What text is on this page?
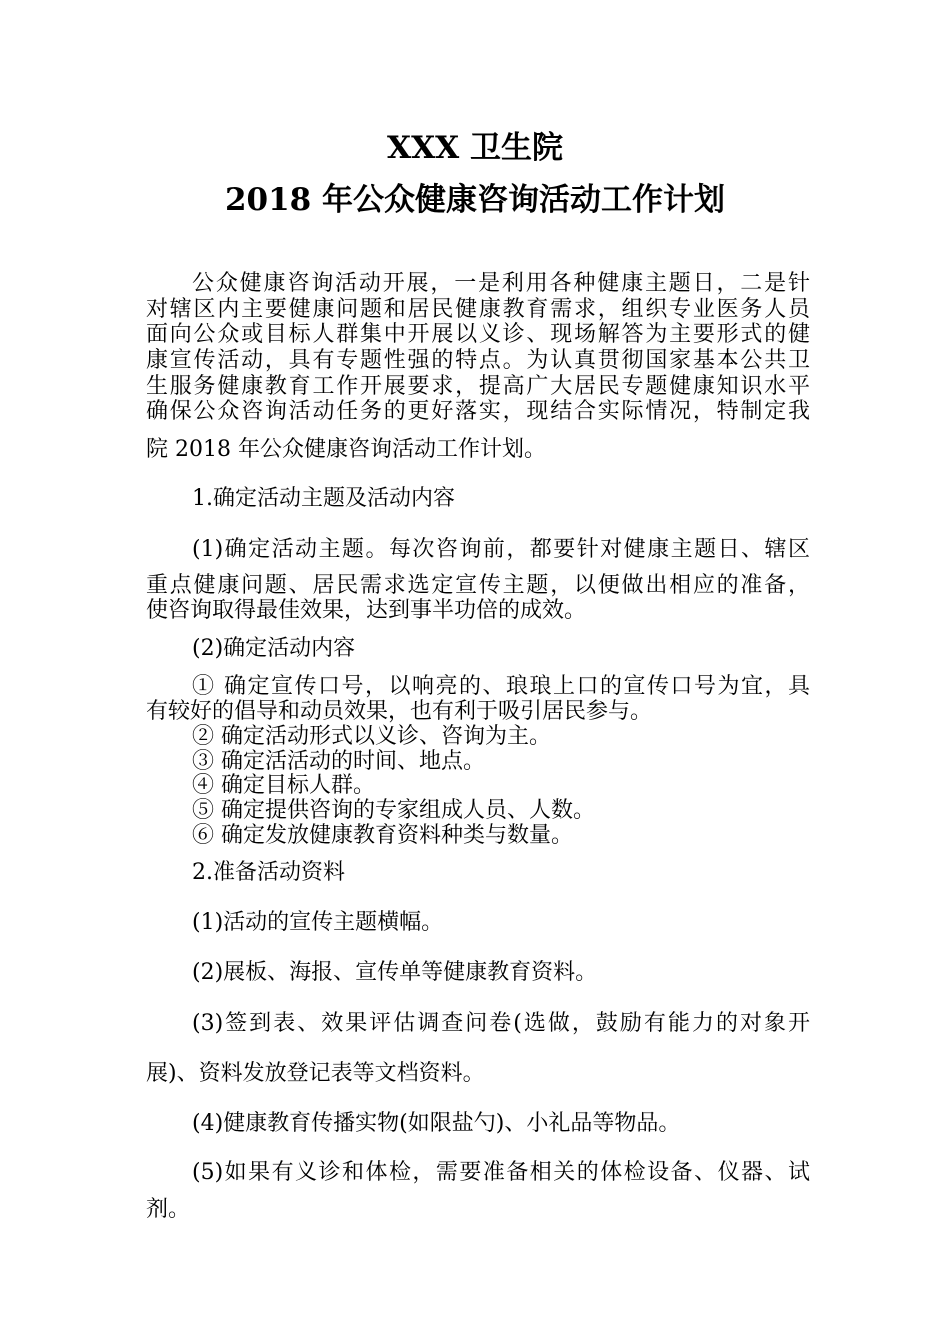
XXX 卫生院
2018 年公众健康咨询活动工作计划

公众健康咨询活动开展，一是利用各种健康主题日，二是针

对辖区内主要健康问题和居民健康教育需求，组织专业医务人员

面向公众或目标人群集中开展以义诊、现场解答为主要形式的健

康宣传活动，具有专题性强的特点。为认真贯彻国家基本公共卫

生服务健康教育工作开展要求，提高广大居民专题健康知识水平

确保公众咨询活动任务的更好落实，现结合实际情况，特制定我

院 2018 年公众健康咨询活动工作计划。

1.确定活动主题及活动内容

(1)确定活动主题。每次咨询前，都要针对健康主题日、辖区

重点健康问题、居民需求选定宣传主题，以便做出相应的准备，

使咨询取得最佳效果，达到事半功倍的成效。

(2)确定活动内容

① 确定宣传口号，以响亮的、琅琅上口的宣传口号为宜，具

有较好的倡导和动员效果，也有利于吸引居民参与。

② 确定活动形式以义诊、咨询为主。

③ 确定活活动的时间、地点。

④ 确定目标人群。

⑤ 确定提供咨询的专家组成人员、人数。

⑥ 确定发放健康教育资料种类与数量。

2.准备活动资料

(1)活动的宣传主题横幅。

(2)展板、海报、宣传单等健康教育资料。

(3)签到表、效果评估调查问卷(选做，鼓励有能力的对象开

展)、资料发放登记表等文档资料。

(4)健康教育传播实物(如限盐勺)、小礼品等物品。

(5)如果有义诊和体检，需要准备相关的体检设备、仪器、试

剂。
